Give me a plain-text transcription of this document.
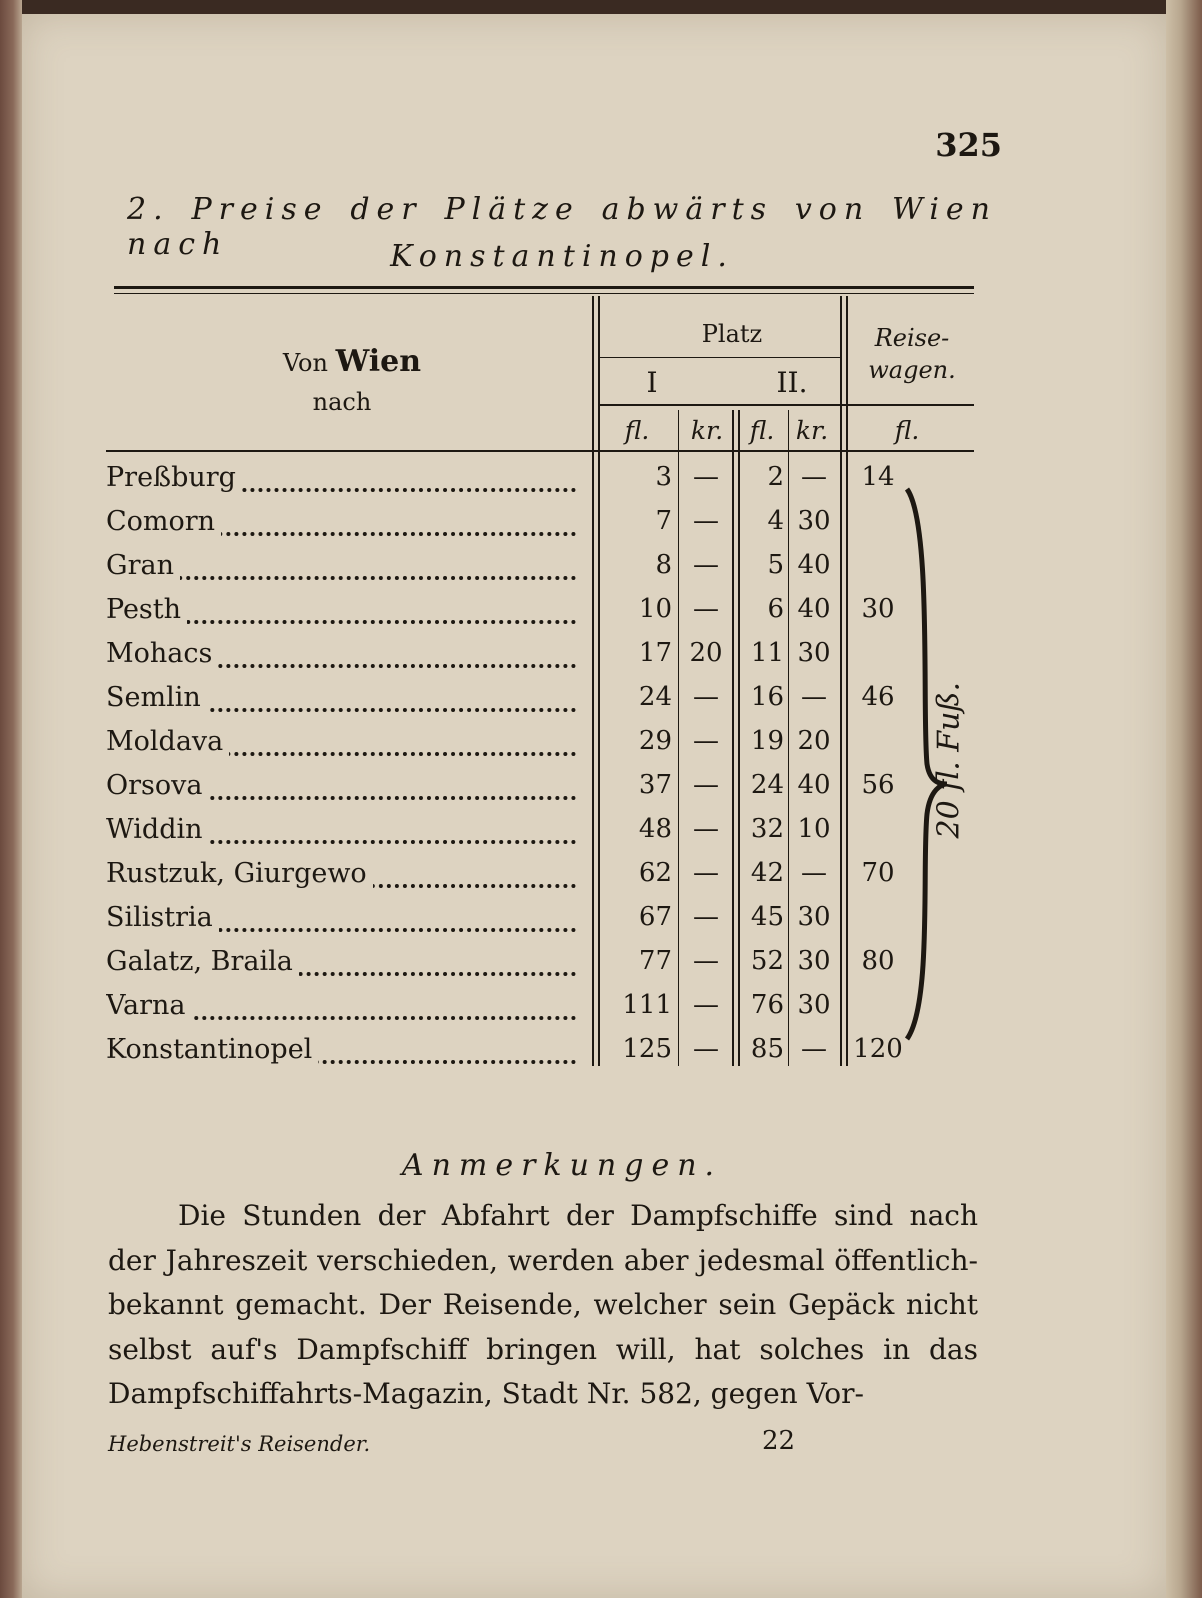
325
2. Preise der Plätze abwärts von Wien nach	Konstantinopel.
Von Wien
nach
Platz
I	II.
Reise-
wagen.
fl.	kr.	fl. kr.	fl.
Preßburg	3 —	2 —	14
Comorn	7 —	4 30
Gran	8 —	5 40
Pesth	10 —	6 40	30
Mohacs	17 20	11 30
Semlin	24 —	16 —	46
Moldava	29 —	19 20
Orsova	37 —	24 40	56
Widdin	48 —	32 10
Rustzuk, Giurgewo	62 —	42 —	70
Silistria	67 —	45 30
Galatz, Braila	77 —	52 30	80
Varna	111 —	76 30
Konstantinopel	125 —	85 —	120
20 fl. Fuß.
Anmerkungen.
Die Stunden der Abfahrt der Dampfschiffe sind nach der Jahreszeit verschieden, werden aber jedesmal öffentlich-bekannt gemacht. Der Reisende, welcher sein Gepäck nicht selbst auf's Dampfschiff bringen will, hat solches in das Dampfschiffahrts-Magazin, Stadt Nr. 582, gegen Vor-
Hebenstreit's Reisender.	22
